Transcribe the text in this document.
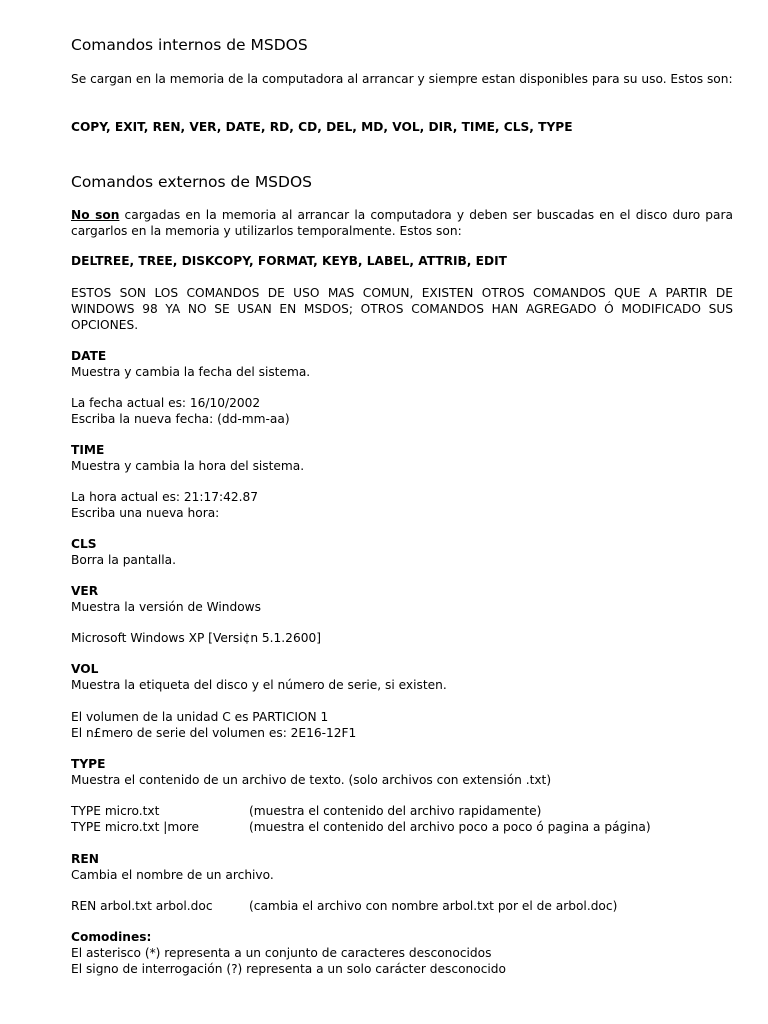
Comandos internos de MSDOS
Se cargan en la memoria de la computadora al arrancar y siempre estan disponibles para su uso. Estos son:
COPY, EXIT, REN, VER, DATE, RD, CD, DEL, MD, VOL, DIR, TIME, CLS, TYPE
Comandos externos de MSDOS
No son cargadas en la memoria al arrancar la computadora y deben ser buscadas en el disco duro para cargarlos en la memoria y utilizarlos temporalmente. Estos son:
DELTREE, TREE, DISKCOPY, FORMAT, KEYB, LABEL, ATTRIB, EDIT
ESTOS SON LOS COMANDOS DE USO MAS COMUN, EXISTEN OTROS COMANDOS QUE A PARTIR DE WINDOWS 98 YA NO SE USAN EN MSDOS; OTROS COMANDOS HAN AGREGADO Ó MODIFICADO SUS OPCIONES.
DATE
Muestra y cambia la fecha del sistema.
La fecha actual es: 16/10/2002
Escriba la nueva fecha: (dd-mm-aa)
TIME
Muestra y cambia la hora del sistema.
La hora actual es: 21:17:42.87
Escriba una nueva hora:
CLS
Borra la pantalla.
VER
Muestra la versión de Windows
Microsoft Windows XP [Versi¢n 5.1.2600]
VOL
Muestra la etiqueta del disco y el número de serie, si existen.
El volumen de la unidad C es PARTICION 1
El n£mero de serie del volumen es: 2E16-12F1
TYPE
Muestra el contenido de un archivo de texto. (solo archivos con extensión .txt)
TYPE micro.txt	(muestra el contenido del archivo rapidamente)
TYPE micro.txt |more	(muestra el contenido del archivo poco a poco ó pagina a página)
REN
Cambia el nombre de un archivo.
REN arbol.txt arbol.doc	(cambia el archivo con nombre arbol.txt por el de arbol.doc)
Comodines:
El asterisco (*) representa a un conjunto de caracteres desconocidos
El signo de interrogación (?) representa a un solo carácter desconocido
